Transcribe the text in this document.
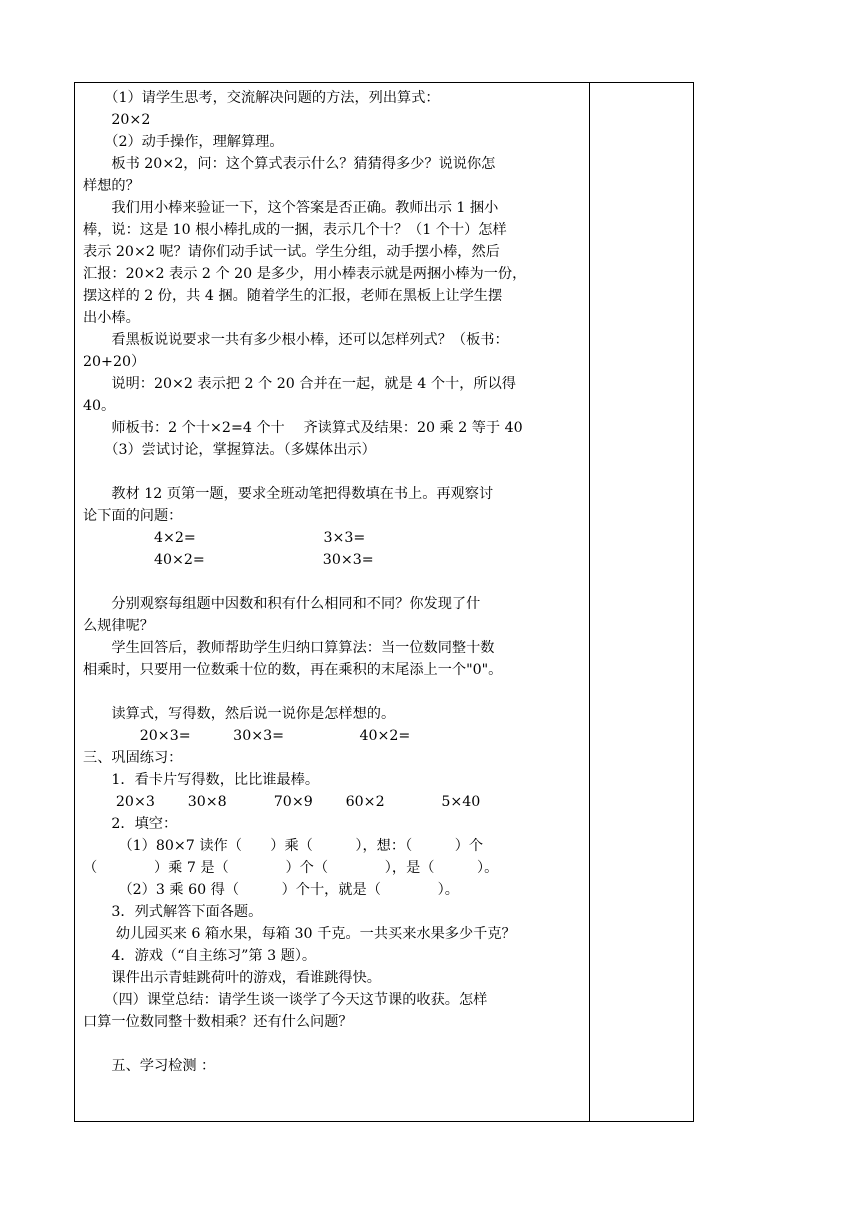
　　（1）请学生思考，交流解决问题的方法，列出算式：
　　20×2
　　（2）动手操作，理解算理。
　　板书 20×2，问：这个算式表示什么？猜猜得多少？说说你怎
样想的？
　　我们用小棒来验证一下，这个答案是否正确。教师出示 1 捆小
棒，说：这是 10 根小棒扎成的一捆，表示几个十？（1 个十）怎样
表示 20×2 呢？请你们动手试一试。学生分组，动手摆小棒，然后
汇报：20×2 表示 2 个 20 是多少，用小棒表示就是两捆小棒为一份，
摆这样的 2 份，共 4 捆。随着学生的汇报，老师在黑板上让学生摆
出小棒。
　　看黑板说说要求一共有多少根小棒，还可以怎样列式？（板书：
20+20）
　　说明：20×2 表示把 2 个 20 合并在一起，就是 4 个十，所以得
40。
　　师板书：2 个十×2=4 个十　 齐读算式及结果：20 乘 2 等于 40
　　（3）尝试讨论，掌握算法。（多媒体出示）
　　教材 12 页第一题，要求全班动笔把得数填在书上。再观察讨
论下面的问题：
　　　　　4×2=　　　　　　　　　3×3=
　　　　　40×2=　　　　　　　　 30×3=
　　分别观察每组题中因数和积有什么相同和不同？你发现了什
么规律呢？
　　学生回答后，教师帮助学生归纳口算算法：当一位数同整十数
相乘时，只要用一位数乘十位的数，再在乘积的末尾添上一个"0"。
　　读算式，写得数，然后说一说你是怎样想的。
　　　　20×3=　　　30×3=　　　　　 40×2=
三、巩固练习：
　　1．看卡片写得数，比比谁最棒。
　　 20×3　　 30×8　　　 70×9　　 60×2　　　　5×40
　　2．填空：
　　　（1）80×7 读作（　　）乘（　　　），想：（　　　）个
（　　　　）乘 7 是（　　　　）个（　　　　），是（　　　）。
　　　（2）3 乘 60 得（　　　）个十，就是（　　　　）。
　　3．列式解答下面各题。
　　 幼儿园买来 6 箱水果，每箱 30 千克。一共买来水果多少千克？
　　4．游戏（“自主练习”第 3 题）。
　　课件出示青蛙跳荷叶的游戏，看谁跳得快。
　　（四）课堂总结：请学生谈一谈学了今天这节课的收获。怎样
口算一位数同整十数相乘？还有什么问题？
　　五、学习检测 ：
